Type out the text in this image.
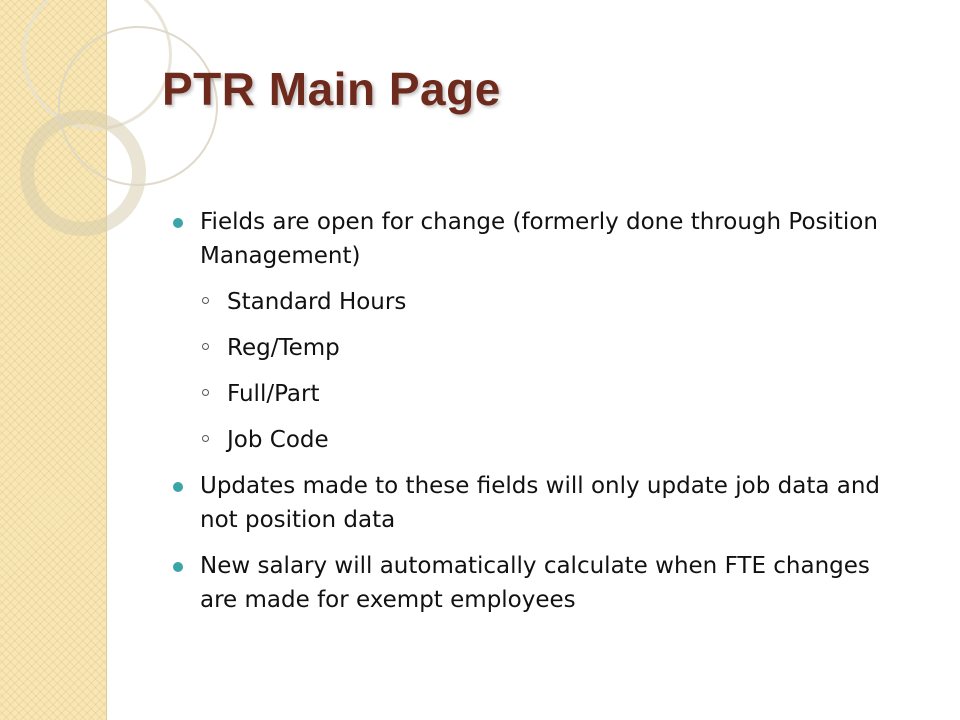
PTR Main Page
Fields are open for change (formerly done through Position Management)
Standard Hours
Reg/Temp
Full/Part
Job Code
Updates made to these fields will only update job data and not position data
New salary will automatically calculate when FTE changes are made for exempt employees
